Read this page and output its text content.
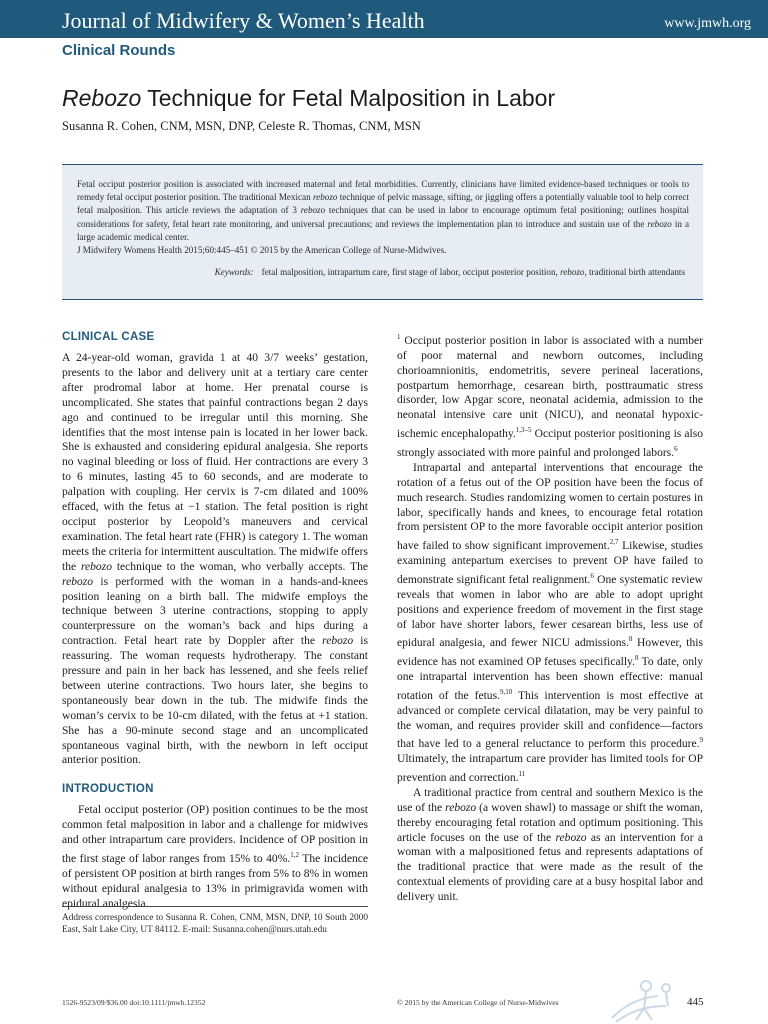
Journal of Midwifery & Women’s Health	www.jmwh.org
Clinical Rounds
Rebozo Technique for Fetal Malposition in Labor
Susanna R. Cohen, CNM, MSN, DNP, Celeste R. Thomas, CNM, MSN

Fetal occiput posterior position is associated with increased maternal and fetal morbidities. Currently, clinicians have limited evidence-based techniques or tools to remedy fetal occiput posterior position. The traditional Mexican rebozo technique of pelvic massage, sifting, or jiggling offers a potentially valuable tool to help correct fetal malposition. This article reviews the adaptation of 3 rebozo techniques that can be used in labor to encourage optimum fetal positioning; outlines hospital considerations for safety, fetal heart rate monitoring, and universal precautions; and reviews the implementation plan to introduce and sustain use of the rebozo in a large academic medical center.

J Midwifery Womens Health 2015;60:445–451 © 2015 by the American College of Nurse-Midwives.

Keywords: fetal malposition, intrapartum care, first stage of labor, occiput posterior position, rebozo, traditional birth attendants
CLINICAL CASE

A 24-year-old woman, gravida 1 at 40 3/7 weeks’ gestation, presents to the labor and delivery unit at a tertiary care center after prodromal labor at home. Her prenatal course is uncomplicated. She states that painful contractions began 2 days ago and continued to be irregular until this morning. She identifies that the most intense pain is located in her lower back. She is exhausted and considering epidural analgesia. She reports no vaginal bleeding or loss of fluid. Her contractions are every 3 to 6 minutes, lasting 45 to 60 seconds, and are moderate to palpation with coupling. Her cervix is 7-cm dilated and 100% effaced, with the fetus at −1 station. The fetal position is right occiput posterior by Leopold’s maneuvers and cervical examination. The fetal heart rate (FHR) is category 1. The woman meets the criteria for intermittent auscultation. The midwife offers the rebozo technique to the woman, who verbally accepts. The rebozo is performed with the woman in a hands-and-knees position leaning on a birth ball. The midwife employs the technique between 3 uterine contractions, stopping to apply counterpressure on the woman’s back and hips during a contraction. Fetal heart rate by Doppler after the rebozo is reassuring. The woman requests hydrotherapy. The constant pressure and pain in her back has lessened, and she feels relief between uterine contractions. Two hours later, she begins to spontaneously bear down in the tub. The midwife finds the woman’s cervix to be 10-cm dilated, with the fetus at +1 station. She has a 90-minute second stage and an uncomplicated spontaneous vaginal birth, with the newborn in left occiput anterior position.

INTRODUCTION

Fetal occiput posterior (OP) position continues to be the most common fetal malposition in labor and a challenge for midwives and other intrapartum care providers. Incidence of OP position in the first stage of labor ranges from 15% to 40%.$^{1,2}$ The incidence of persistent OP position at birth ranges from 5% to 8% in women without epidural analgesia to 13% in primigravida women with epidural analgesia.

$^1$ Occiput posterior position in labor is associated with a number of poor maternal and newborn outcomes, including chorioamnionitis, endometritis, severe perineal lacerations, postpartum hemorrhage, cesarean birth, posttraumatic stress disorder, low Apgar score, neonatal acidemia, admission to the neonatal intensive care unit (NICU), and neonatal hypoxic-ischemic encephalopathy.$^{1,3-5}$ Occiput posterior positioning is also strongly associated with more painful and prolonged labors.$^6$

Intrapartal and antepartal interventions that encourage the rotation of a fetus out of the OP position have been the focus of much research. Studies randomizing women to certain postures in labor, specifically hands and knees, to encourage fetal rotation from persistent OP to the more favorable occipit anterior position have failed to show significant improvement.$^{2,7}$ Likewise, studies examining antepartum exercises to prevent OP have failed to demonstrate significant fetal realignment.$^6$ One systematic review reveals that women in labor who are able to adopt upright positions and experience freedom of movement in the first stage of labor have shorter labors, fewer cesarean births, less use of epidural analgesia, and fewer NICU admissions.$^8$ However, this evidence has not examined OP fetuses specifically.$^8$ To date, only one intrapartal intervention has been shown effective: manual rotation of the fetus.$^{9,10}$ This intervention is most effective at advanced or complete cervical dilatation, may be very painful to the woman, and requires provider skill and confidence—factors that have led to a general reluctance to perform this procedure.$^9$ Ultimately, the intrapartum care provider has limited tools for OP prevention and correction.$^{11}$

A traditional practice from central and southern Mexico is the use of the rebozo (a woven shawl) to massage or shift the woman, thereby encouraging fetal rotation and optimum positioning. This article focuses on the use of the rebozo as an intervention for a woman with a malpositioned fetus and represents adaptations of the traditional practice that were made as the result of the contextual elements of providing care at a busy hospital labor and delivery unit.

Address correspondence to Susanna R. Cohen, CNM, MSN, DNP, 10 South 2000 East, Salt Lake City, UT 84112. E-mail: Susanna.cohen@nurs.utah.edu
1526-9523/09/$36.00 doi:10.1111/jmwh.12352	© 2015 by the American College of Nurse-Midwives	445
